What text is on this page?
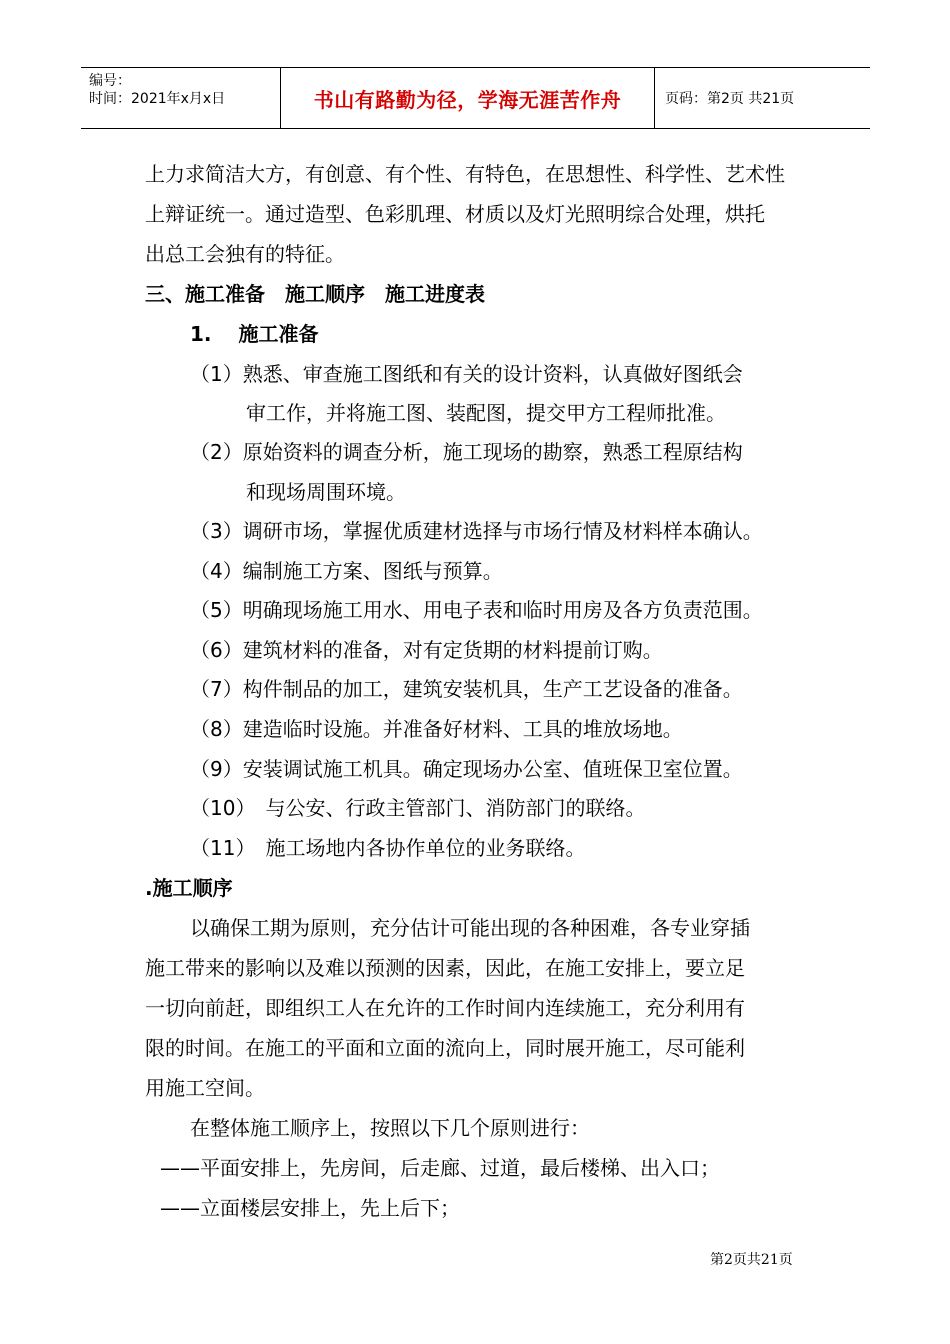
编号：
时间：2021年x月x日	书山有路勤为径，学海无涯苦作舟	页码：第2页 共21页
上力求简洁大方，有创意、有个性、有特色，在思想性、科学性、艺术性
上辩证统一。通过造型、色彩肌理、材质以及灯光照明综合处理，烘托
出总工会独有的特征。
三、施工准备　施工顺序　施工进度表
1.　 施工准备
（1）熟悉、审查施工图纸和有关的设计资料，认真做好图纸会
审工作，并将施工图、装配图，提交甲方工程师批准。
（2）原始资料的调查分析，施工现场的勘察，熟悉工程原结构
和现场周围环境。
（3）调研市场，掌握优质建材选择与市场行情及材料样本确认。
（4）编制施工方案、图纸与预算。
（5）明确现场施工用水、用电子表和临时用房及各方负责范围。
（6）建筑材料的准备，对有定货期的材料提前订购。
（7）构件制品的加工，建筑安装机具，生产工艺设备的准备。
（8）建造临时设施。并准备好材料、工具的堆放场地。
（9）安装调试施工机具。确定现场办公室、值班保卫室位置。
（10）　与公安、行政主管部门、消防部门的联络。
（11）　施工场地内各协作单位的业务联络。
.施工顺序
以确保工期为原则，充分估计可能出现的各种困难，各专业穿插
施工带来的影响以及难以预测的因素，因此，在施工安排上，要立足
一切向前赶，即组织工人在允许的工作时间内连续施工，充分利用有
限的时间。在施工的平面和立面的流向上，同时展开施工，尽可能利
用施工空间。
在整体施工顺序上，按照以下几个原则进行：
——平面安排上，先房间，后走廊、过道，最后楼梯、出入口；
——立面楼层安排上，先上后下；
第2页共21页
